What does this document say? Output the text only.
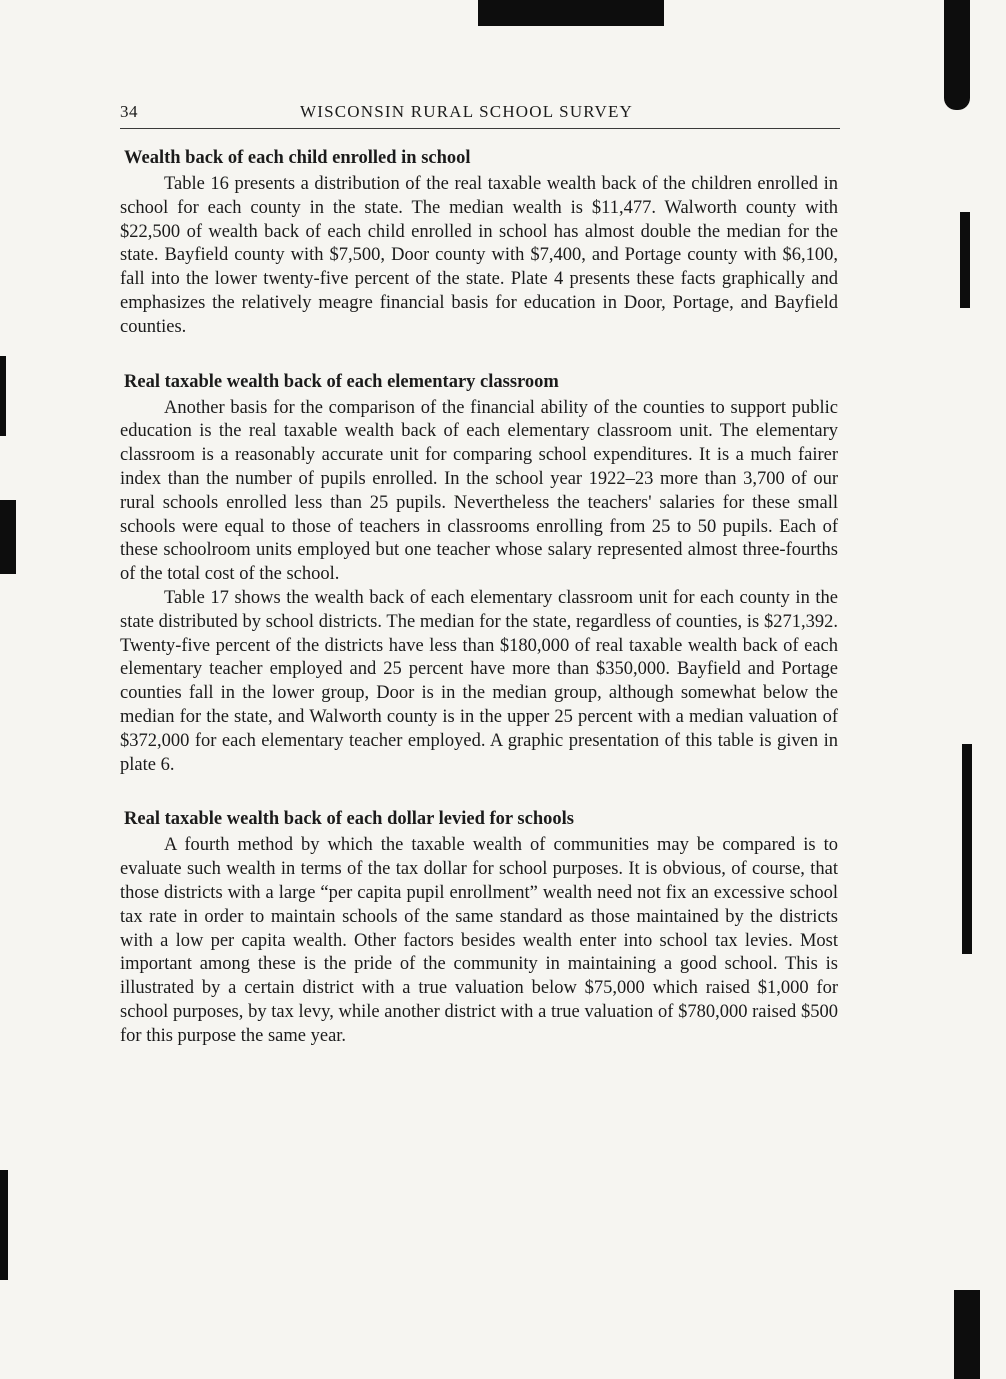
34	WISCONSIN RURAL SCHOOL SURVEY
Wealth back of each child enrolled in school

Table 16 presents a distribution of the real taxable wealth back of the children enrolled in school for each county in the state. The median wealth is $11,477. Walworth county with $22,500 of wealth back of each child enrolled in school has almost double the median for the state. Bayfield county with $7,500, Door county with $7,400, and Portage county with $6,100, fall into the lower twenty-five percent of the state. Plate 4 presents these facts graphically and emphasizes the relatively meagre financial basis for education in Door, Portage, and Bayfield counties.

Real taxable wealth back of each elementary classroom

Another basis for the comparison of the financial ability of the counties to support public education is the real taxable wealth back of each elementary classroom unit. The elementary classroom is a reasonably accurate unit for comparing school expenditures. It is a much fairer index than the number of pupils enrolled. In the school year 1922–23 more than 3,700 of our rural schools enrolled less than 25 pupils. Nevertheless the teachers' salaries for these small schools were equal to those of teachers in classrooms enrolling from 25 to 50 pupils. Each of these schoolroom units employed but one teacher whose salary represented almost three-fourths of the total cost of the school.

Table 17 shows the wealth back of each elementary classroom unit for each county in the state distributed by school districts. The median for the state, regardless of counties, is $271,392. Twenty-five percent of the districts have less than $180,000 of real taxable wealth back of each elementary teacher employed and 25 percent have more than $350,000. Bayfield and Portage counties fall in the lower group, Door is in the median group, although somewhat below the median for the state, and Walworth county is in the upper 25 percent with a median valuation of $372,000 for each elementary teacher employed. A graphic presentation of this table is given in plate 6.

Real taxable wealth back of each dollar levied for schools

A fourth method by which the taxable wealth of communities may be compared is to evaluate such wealth in terms of the tax dollar for school purposes. It is obvious, of course, that those districts with a large “per capita pupil enrollment” wealth need not fix an excessive school tax rate in order to maintain schools of the same standard as those maintained by the districts with a low per capita wealth. Other factors besides wealth enter into school tax levies. Most important among these is the pride of the community in maintaining a good school. This is illustrated by a certain district with a true valuation below $75,000 which raised $1,000 for school purposes, by tax levy, while another district with a true valuation of $780,000 raised $500 for this purpose the same year.
